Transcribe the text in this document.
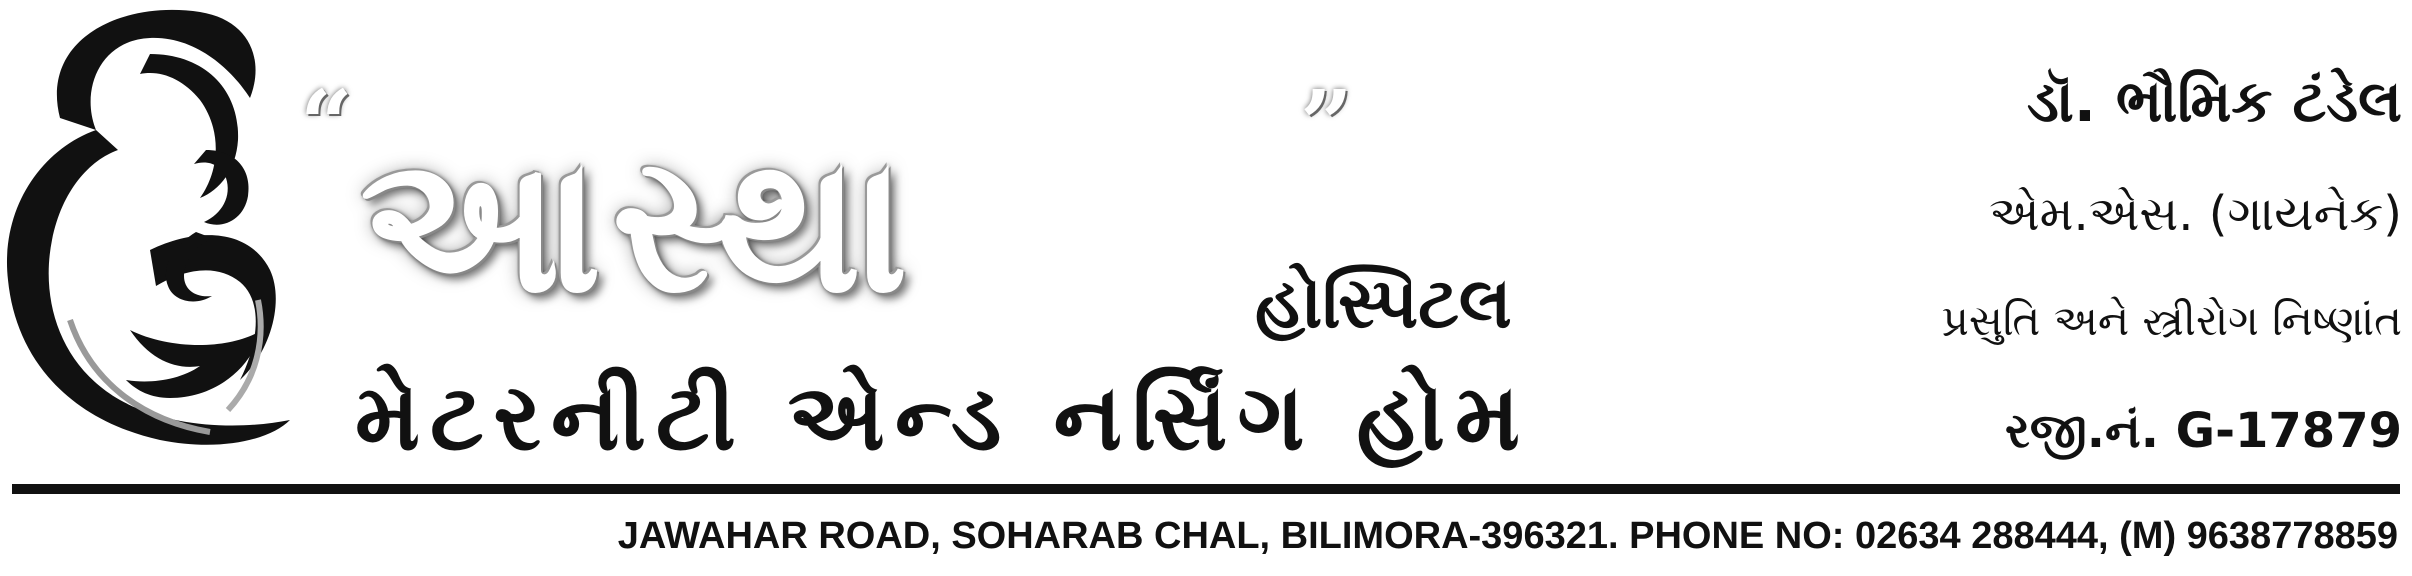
“ આસ્થા	”
હોસ્પિટલ
મેટરનીટી એન્ડ નર્સિંગ હોમ
ડૉ. ભૌમિક ટંડેલ
એમ.એસ. (ગાયનેક)
પ્રસુતિ અને સ્ત્રીરોગ નિષ્ણાંત
રજી.નં. G-17879
JAWAHAR ROAD, SOHARAB CHAL, BILIMORA-396321. PHONE NO: 02634 288444, (M) 9638778859
